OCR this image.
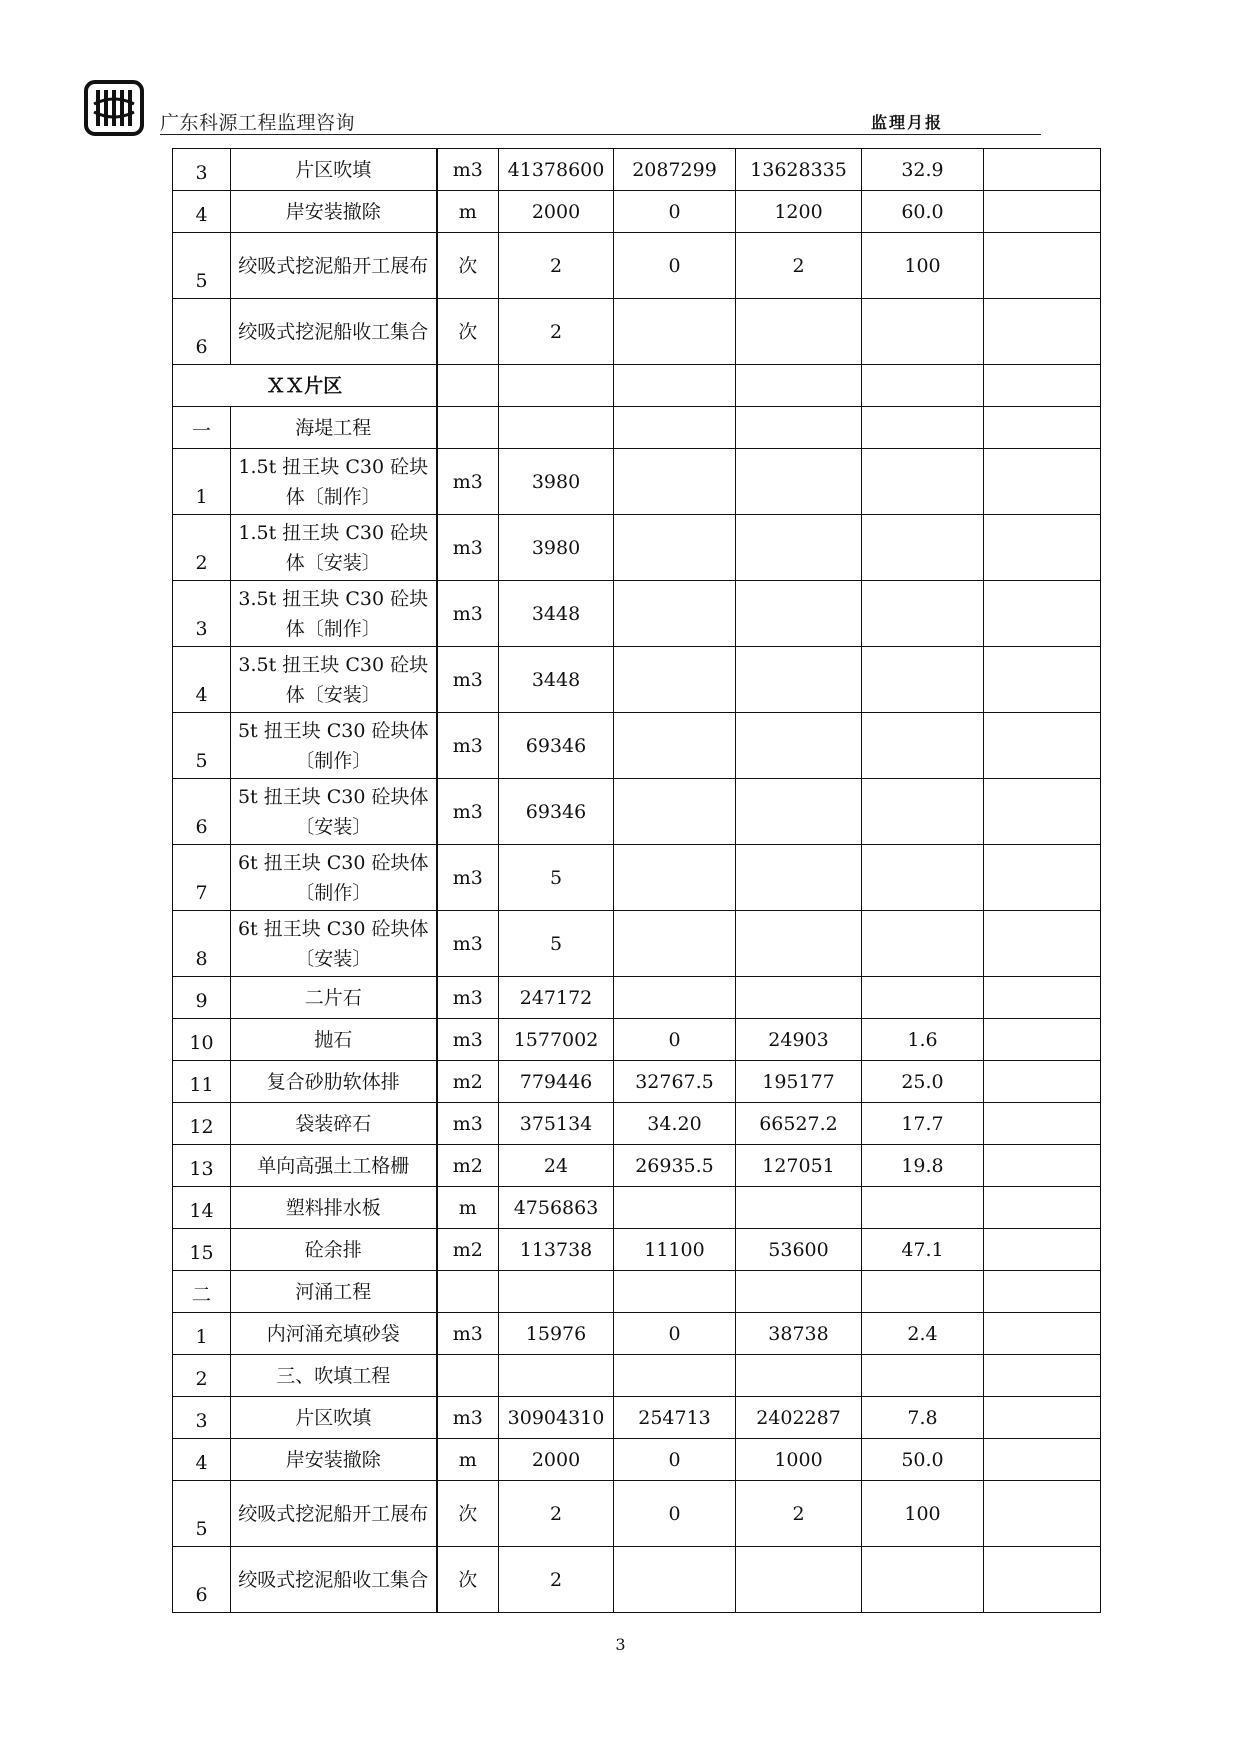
广东科源工程监理咨询	监理月报
3	片区吹填	m3	41378600	2087299	13628335	32.9	
4	岸安装撤除	m	2000	0	1200	60.0	
5	绞吸式挖泥船开工展布	次	2	0	2	100	
6	绞吸式挖泥船收工集合	次	2				
ＸＸ片区							
一	海堤工程						
1	1.5t 扭王块 C30 砼块体〔制作〕	m3	3980				
2	1.5t 扭王块 C30 砼块体〔安装〕	m3	3980				
3	3.5t 扭王块 C30 砼块体〔制作〕	m3	3448				
4	3.5t 扭王块 C30 砼块体〔安装〕	m3	3448				
5	5t 扭王块 C30 砼块体〔制作〕	m3	69346				
6	5t 扭王块 C30 砼块体〔安装〕	m3	69346				
7	6t 扭王块 C30 砼块体〔制作〕	m3	5				
8	6t 扭王块 C30 砼块体〔安装〕	m3	5				
9	二片石	m3	247172				
10	抛石	m3	1577002	0	24903	1.6	
11	复合砂肋软体排	m2	779446	32767.5	195177	25.0	
12	袋装碎石	m3	375134	34.20	66527.2	17.7	
13	单向高强土工格栅	m2	24	26935.5	127051	19.8	
14	塑料排水板	m	4756863				
15	砼余排	m2	113738	11100	53600	47.1	
二	河涌工程						
1	内河涌充填砂袋	m3	15976	0	38738	2.4	
2	三、吹填工程						
3	片区吹填	m3	30904310	254713	2402287	7.8	
4	岸安装撤除	m	2000	0	1000	50.0	
5	绞吸式挖泥船开工展布	次	2	0	2	100	
6	绞吸式挖泥船收工集合	次	2				
3
